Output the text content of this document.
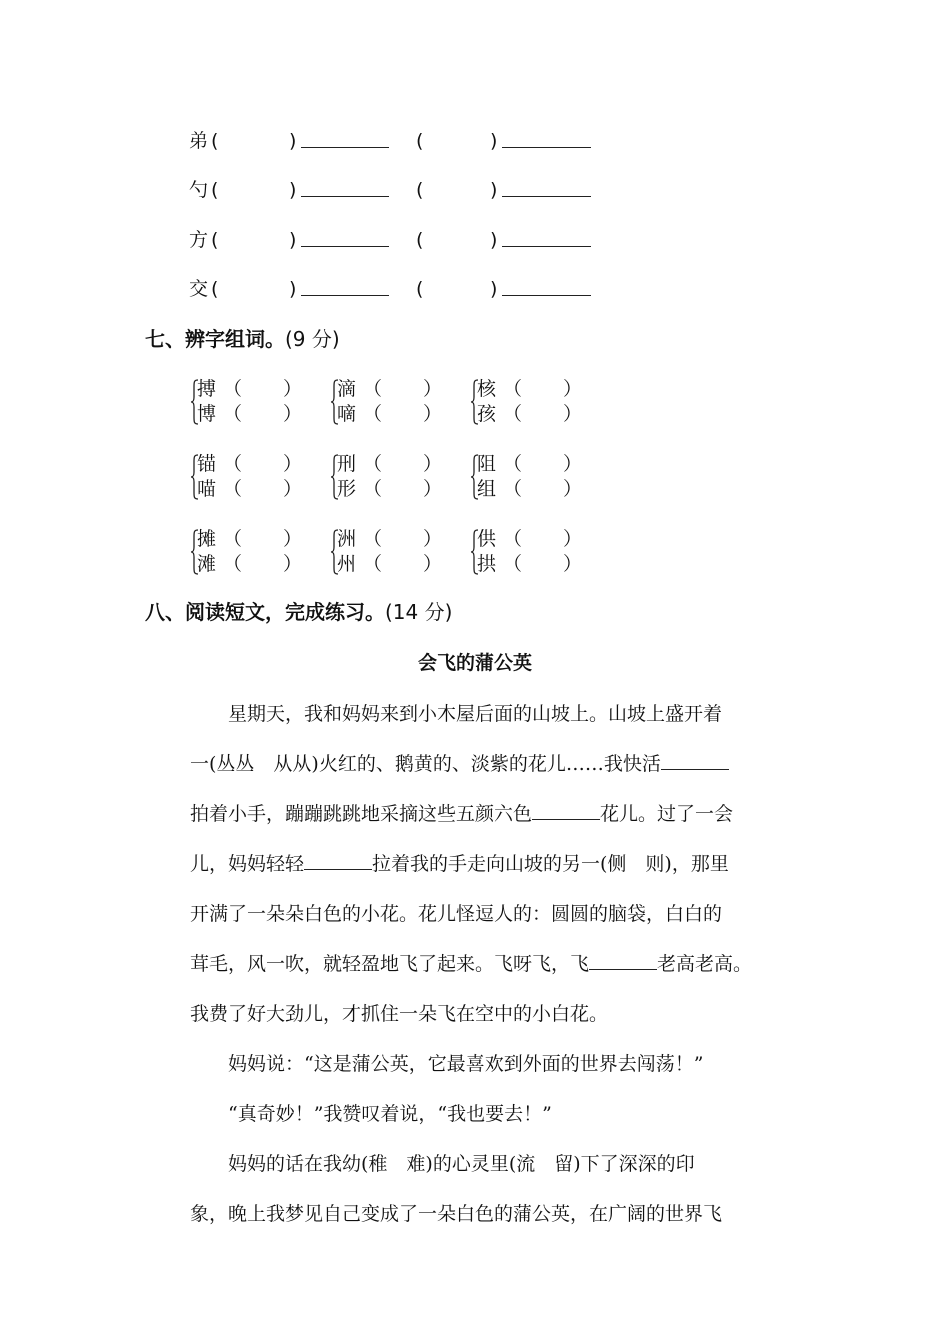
弟 (	)	(	)
勺 (	)	(	)
方 (	)	(	)
交 (	)	(	)
七、辨字组词。(9 分)
搏 （ ）
博 （ ）
滴 （ ）
嘀 （ ）
核 （ ）
孩 （ ）
锚 （ ）
喵 （ ）
刑 （ ）
形 （ ）
阻 （ ）
组 （ ）
摊 （ ）
滩 （ ）
洲 （ ）
州 （ ）
供 （ ）
拱 （ ）
八、阅读短文，完成练习。(14 分)
会飞的蒲公英
星期天，我和妈妈来到小木屋后面的山坡上。山坡上盛开着
一(丛丛　从从)火红的、鹅黄的、淡紫的花儿……我快活
拍着小手，蹦蹦跳跳地采摘这些五颜六色	花儿。过了一会
儿，妈妈轻轻	拉着我的手走向山坡的另一(侧　则)，那里
开满了一朵朵白色的小花。花儿怪逗人的：圆圆的脑袋，白白的
茸毛，风一吹，就轻盈地飞了起来。飞呀飞，飞	老高老高。
我费了好大劲儿，才抓住一朵飞在空中的小白花。
妈妈说：“这是蒲公英，它最喜欢到外面的世界去闯荡！”
“真奇妙！”我赞叹着说，“我也要去！”
妈妈的话在我幼(稚　难)的心灵里(流　留)下了深深的印
象，晚上我梦见自己变成了一朵白色的蒲公英，在广阔的世界飞
